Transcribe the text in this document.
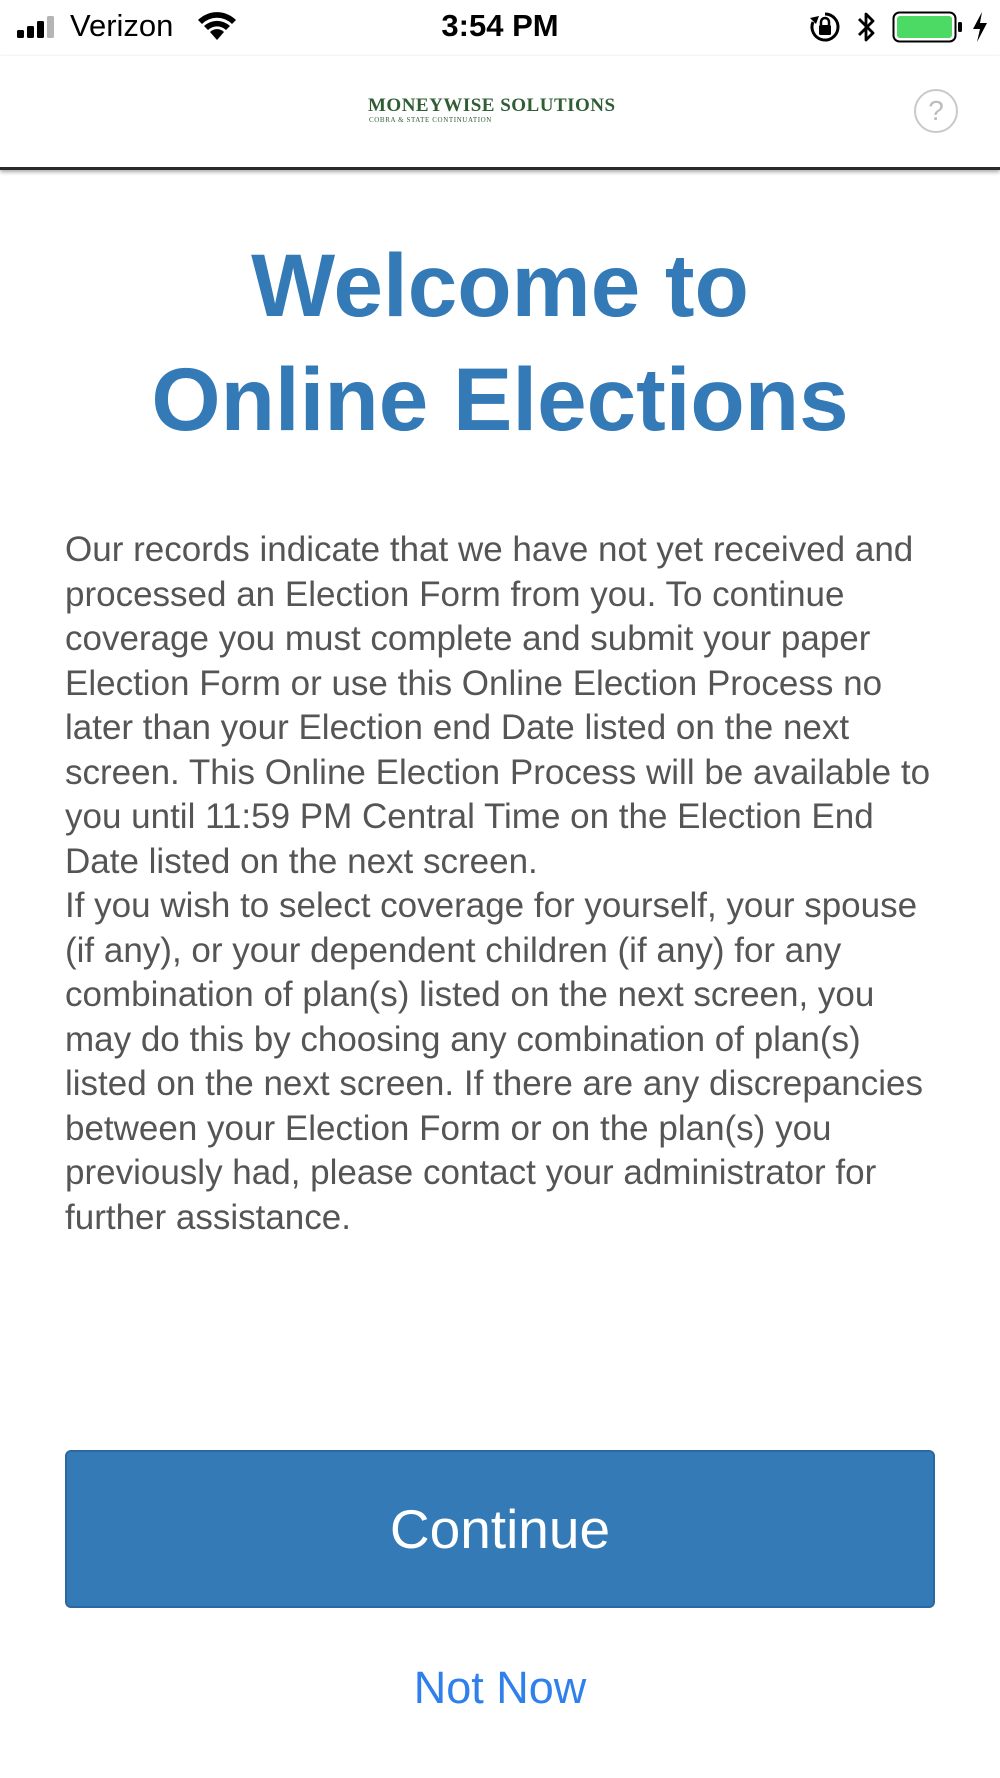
Verizon	3:54 PM
MONEYWISE SOLUTIONS
COBRA & STATE CONTINUATION	?
Welcome to
Online Elections

Our records indicate that we have not yet received and processed an Election Form from you. To continue coverage you must complete and submit your paper Election Form or use this Online Election Process no later than your Election end Date listed on the next screen. This Online Election Process will be available to you until 11:59 PM Central Time on the Election End Date listed on the next screen.

If you wish to select coverage for yourself, your spouse (if any), or your dependent children (if any) for any combination of plan(s) listed on the next screen, you may do this by choosing any combination of plan(s) listed on the next screen. If there are any discrepancies between your Election Form or on the plan(s) you previously had, please contact your administrator for further assistance.

Continue
Not Now
